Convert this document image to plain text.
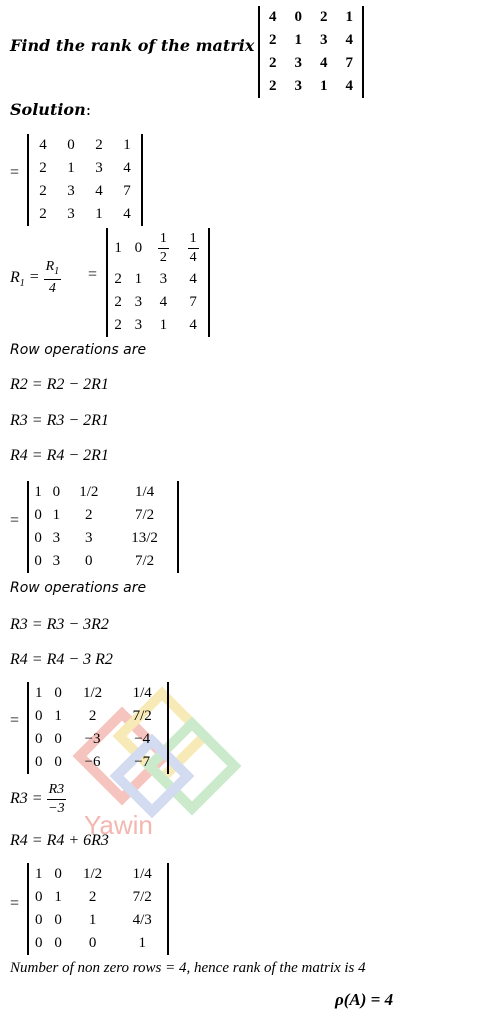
Find the rank of the matrix
4	0	2	1
2	1	3	4
2	3	4	7
2	3	1	4
Solution:
=
4	0	2	1
2	1	3	4
2	3	4	7
2	3	1	4
$R_1 = \frac{R_1}{4}$ =
1	0	$\frac{1}{2}$	$\frac{1}{4}$

2	1	3	4
2	3	4	7
2	3	1	4
Row operations are
R2 = R2 − 2R1
R3 = R3 − 2R1
R4 = R4 − 2R1
=
1	0	1/2	1/4
0	1	2	7/2
0	3	3	13/2
0	3	0	7/2
Row operations are
R3 = R3 − 3R2
R4 = R4 − 3 R2
Yawin
=
1	0	1/2	1/4
0	1	2	7/2
0	0	−3	−4
0	0	−6	−7
$R3 = \frac{R3}{-3}$
R4 = R4 + 6R3
=
1	0	1/2	1/4
0	1	2	7/2
0	0	1	4/3
0	0	0	1
Number of non zero rows = 4, hence rank of the matrix is 4
ρ(A) = 4
